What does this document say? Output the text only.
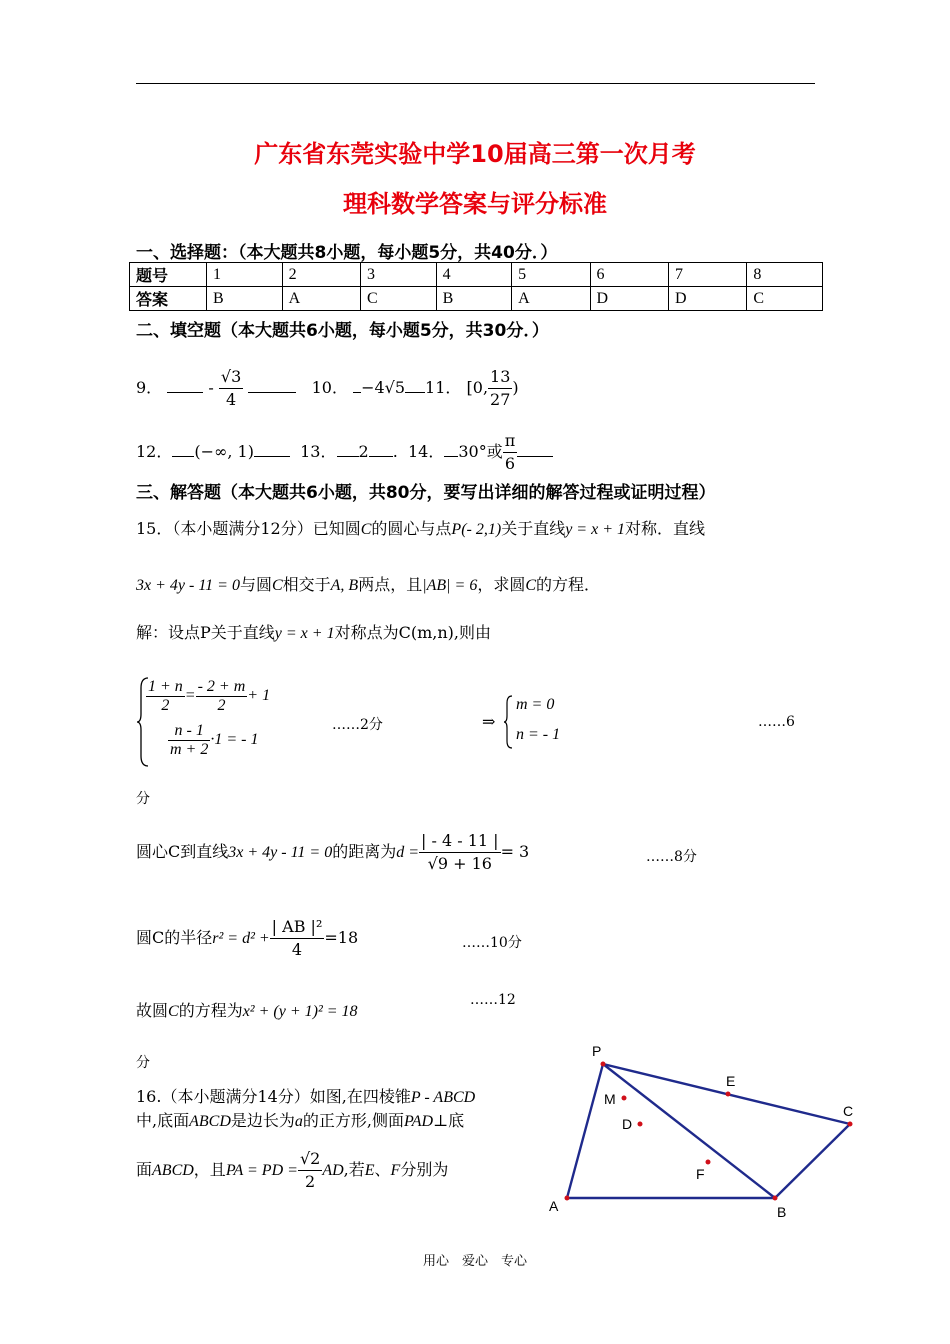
广东省东莞实验中学10届高三第一次月考
理科数学答案与评分标准
一、选择题：（本大题共8小题，每小题5分，共40分．）
题号	1	2	3	4	5	6	7	8
答案	B	A	C	B	A	D	D	C
二、填空题（本大题共6小题，每小题5分，共30分．）
9．	- $\frac{√3}{4}$	10． −4√5 11． [0, $\frac{13}{27}$ )
12． (−∞, 1)	13． 2 .  14． 30°或 $\frac{\pi}{6}$
三、解答题（本大题共6小题，共80分，要写出详细的解答过程或证明过程）
15．（本小题满分12分）已知圆C的圆心与点P(- 2,1)关于直线y = x + 1对称．直线
3x + 4y - 11 = 0与圆C相交于A, B两点，且|AB| = 6，求圆C的方程．
解：设点P关于直线y = x + 1对称点为C(m,n),则由
$\frac{1 + n}{2} = \frac{- 2 + m}{2} + 1$
$\frac{n - 1}{m + 2} \cdot 1$ = - 1
……2分	⇒
m = 0
n = - 1
……6
分
圆心C到直线3x + 4y - 11 = 0的距离为$d = \frac{| - 4 - 11 |}{√9 + 16} = 3$	……8分
圆C的半径$r^2 = d^2 + \frac{\text{| AB |²}}{4} =18$	……10分
故圆C的方程为x² + (y + 1)² = 18
……12
分
16.（本小题满分14分）如图,在四棱锥P - ABCD
中,底面ABCD是边长为a的正方形,侧面PAD⊥底
面ABCD，且PA = PD = $\frac{√2}{2}$ AD,若E、F分别为
P
E
C
M
D
F
A	B
用心　爱心　专心
